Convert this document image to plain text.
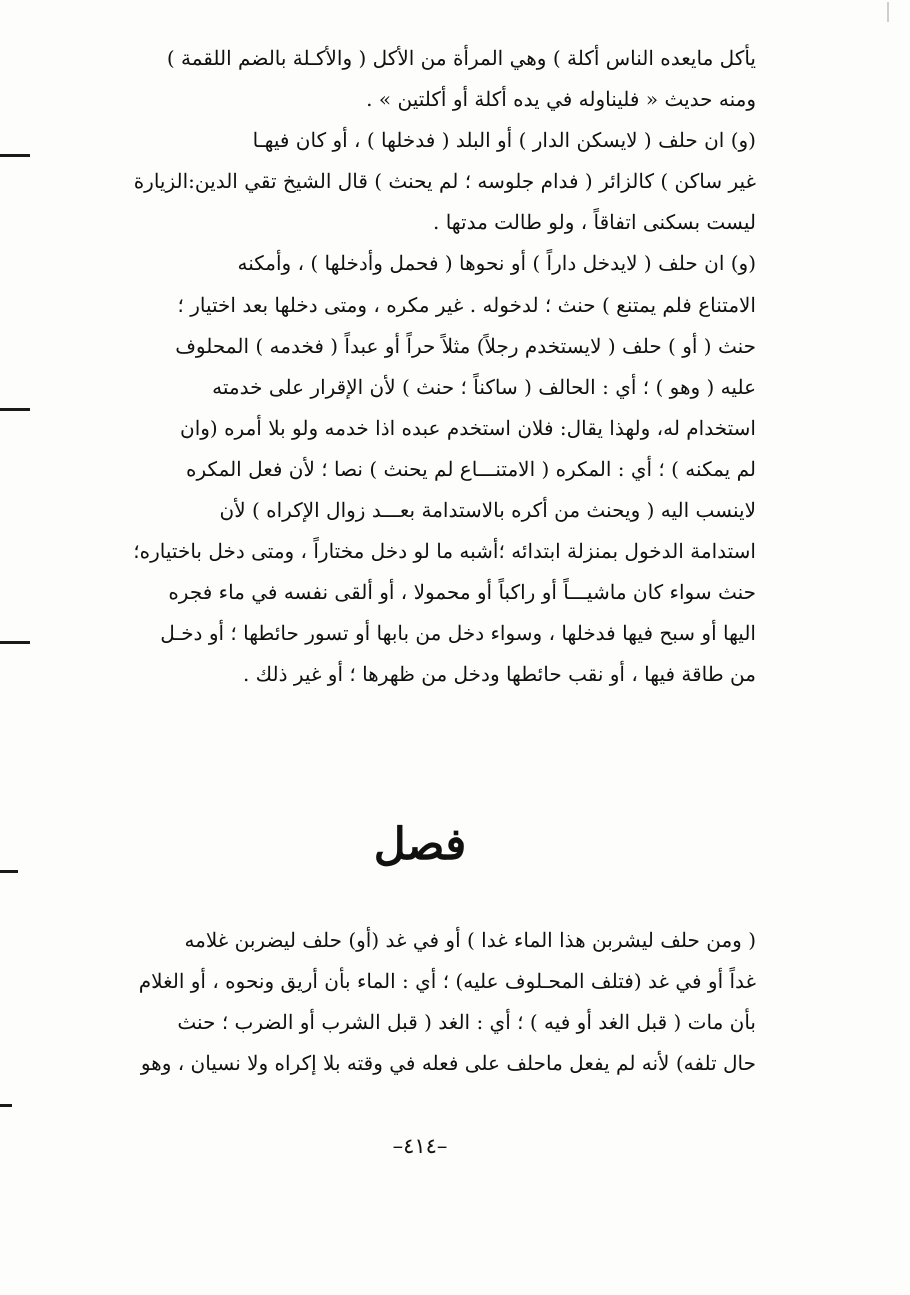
يأكل مايعده الناس أكلة ) وهي المرأة من الأكل ( والأكـلة بالضم اللقمة )
ومنه حديث « فليناوله في يده أكلة أو أكلتين » .
(و) ان حلف ( لايسكن الدار ) أو البلد ( فدخلها ) ، أو كان فيهـا
غير ساكن ) كالزائر ( فدام جلوسه ؛ لم يحنث ) قال الشيخ تقي الدين:الزيارة
ليست بسكنى اتفاقاً ، ولو طالت مدتها .
(و) ان حلف ( لايدخل داراً ) أو نحوها ( فحمل وأدخلها ) ، وأمكنه
الامتناع فلم يمتنع ) حنث ؛ لدخوله . غير مكره ، ومتى دخلها بعد اختيار ؛
حنث ( أو ) حلف ( لايستخدم رجلاً) مثلاً حراً أو عبداً ( فخدمه ) المحلوف
عليه ( وهو ) ؛ أي : الحالف ( ساكناً ؛ حنث ) لأن الإقرار على خدمته
استخدام له، ولهذا يقال: فلان استخدم عبده اذا خدمه ولو بلا أمره (وان
لم يمكنه ) ؛ أي : المكره ( الامتنـــاع لم يحنث ) نصا ؛ لأن فعل المكره
لاينسب اليه ( ويحنث من أكره بالاستدامة بعـــد زوال الإكراه ) لأن
استدامة الدخول بمنزلة ابتدائه ؛أشبه ما لو دخل مختاراً ، ومتى دخل باختياره؛
حنث سواء كان ماشيـــاً أو راكباً أو محمولا ، أو ألقى نفسه في ماء فجره
اليها أو سبح فيها فدخلها ، وسواء دخل من بابها أو تسور حائطها ؛ أو دخـل
من طاقة فيها ، أو نقب حائطها ودخل من ظهرها ؛ أو غير ذلك .
فصل
( ومن حلف ليشربن هذا الماء غدا ) أو في غد (أو) حلف ليضربن غلامه
غداً أو في غد (فتلف المحـلوف عليه) ؛ أي : الماء بأن أريق ونحوه ، أو الغلام
بأن مات ( قبل الغد أو فيه ) ؛ أي : الغد ( قبل الشرب أو الضرب ؛ حنث
حال تلفه) لأنه لم يفعل ماحلف على فعله في وقته بلا إكراه ولا نسيان ، وهو
–٤١٤–
